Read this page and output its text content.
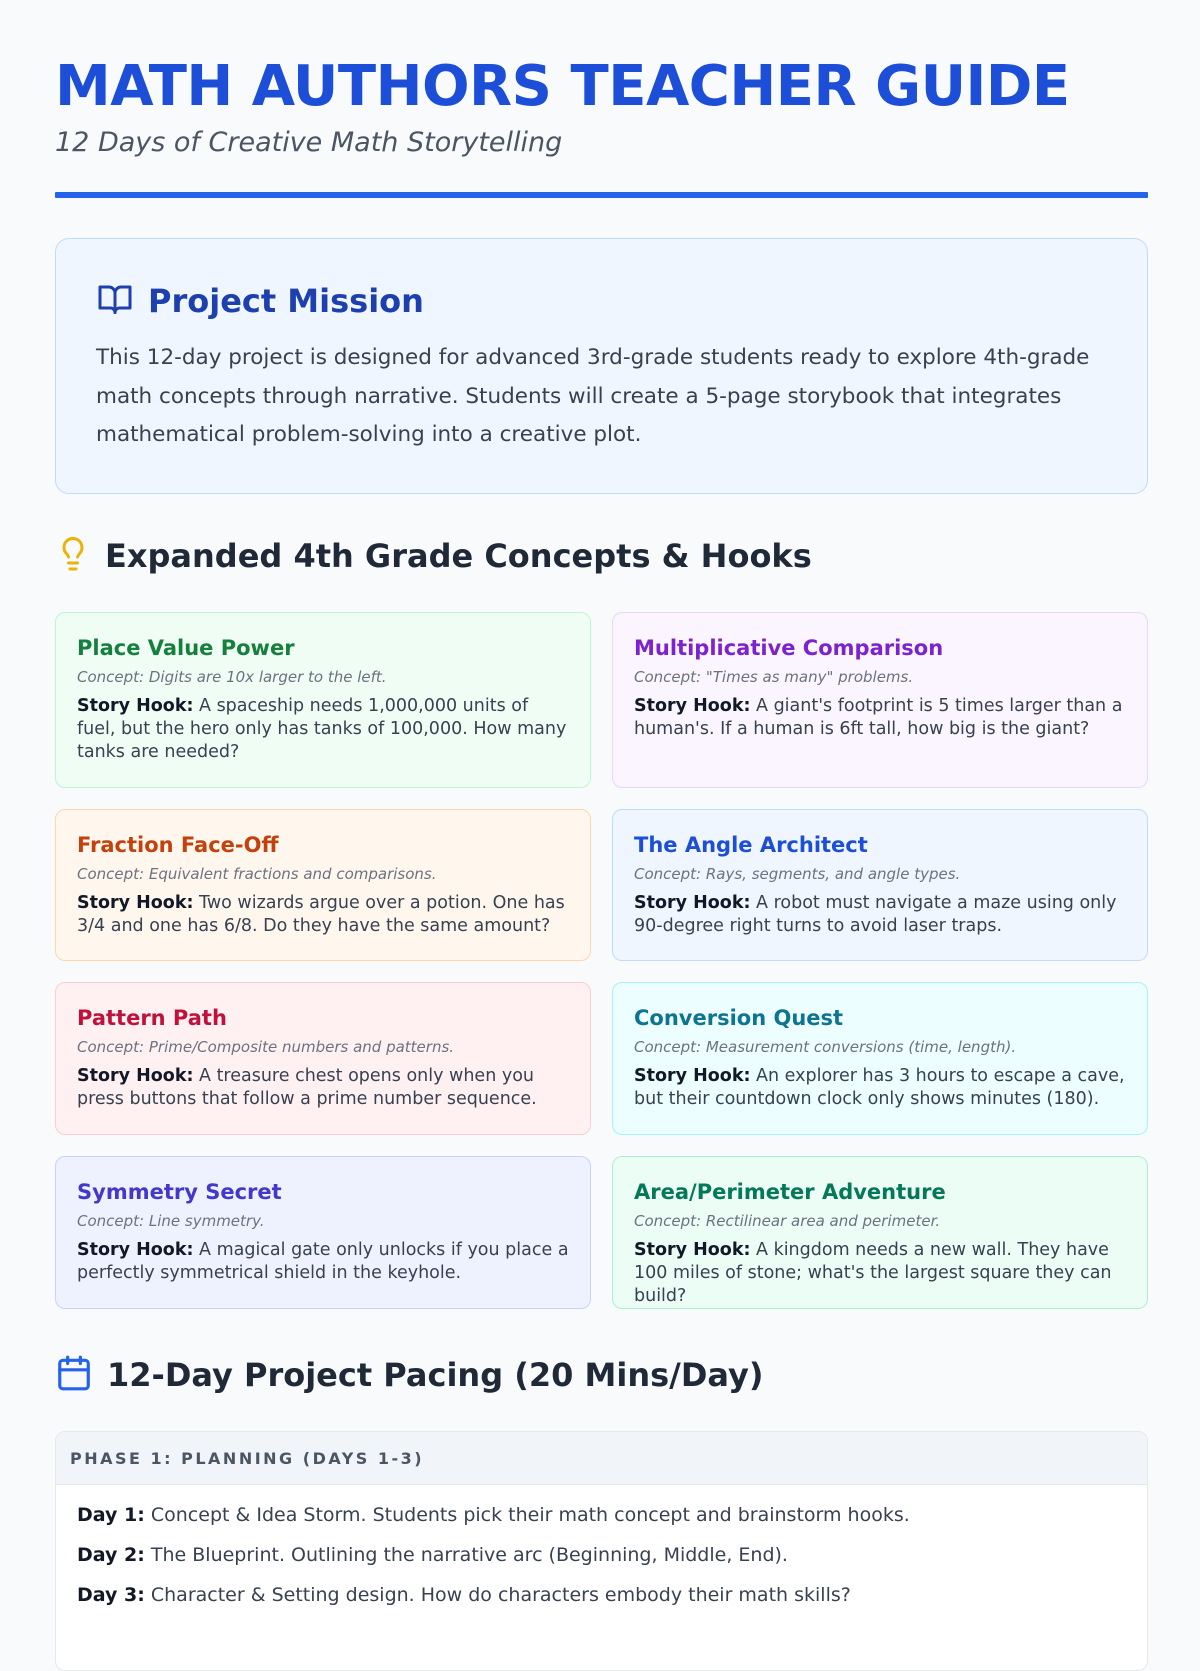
MATH AUTHORS TEACHER GUIDE
12 Days of Creative Math Storytelling
Project Mission
This 12-day project is designed for advanced 3rd-grade students ready to explore 4th-grade math concepts through narrative. Students will create a 5-page storybook that integrates mathematical problem-solving into a creative plot.
Expanded 4th Grade Concepts & Hooks
Place Value Power
Concept: Digits are 10x larger to the left.
Story Hook: A spaceship needs 1,000,000 units of fuel, but the hero only has tanks of 100,000. How many tanks are needed?
Multiplicative Comparison
Concept: "Times as many" problems.
Story Hook: A giant's footprint is 5 times larger than a human's. If a human is 6ft tall, how big is the giant?
Fraction Face-Off
Concept: Equivalent fractions and comparisons.
Story Hook: Two wizards argue over a potion. One has 3/4 and one has 6/8. Do they have the same amount?
The Angle Architect
Concept: Rays, segments, and angle types.
Story Hook: A robot must navigate a maze using only 90-degree right turns to avoid laser traps.
Pattern Path
Concept: Prime/Composite numbers and patterns.
Story Hook: A treasure chest opens only when you press buttons that follow a prime number sequence.
Conversion Quest
Concept: Measurement conversions (time, length).
Story Hook: An explorer has 3 hours to escape a cave, but their countdown clock only shows minutes (180).
Symmetry Secret
Concept: Line symmetry.
Story Hook: A magical gate only unlocks if you place a perfectly symmetrical shield in the keyhole.
Area/Perimeter Adventure
Concept: Rectilinear area and perimeter.
Story Hook: A kingdom needs a new wall. They have 100 miles of stone; what's the largest square they can build?
12-Day Project Pacing (20 Mins/Day)
PHASE 1: PLANNING (DAYS 1-3)
Day 1: Concept & Idea Storm. Students pick their math concept and brainstorm hooks.
Day 2: The Blueprint. Outlining the narrative arc (Beginning, Middle, End).
Day 3: Character & Setting design. How do characters embody their math skills?
